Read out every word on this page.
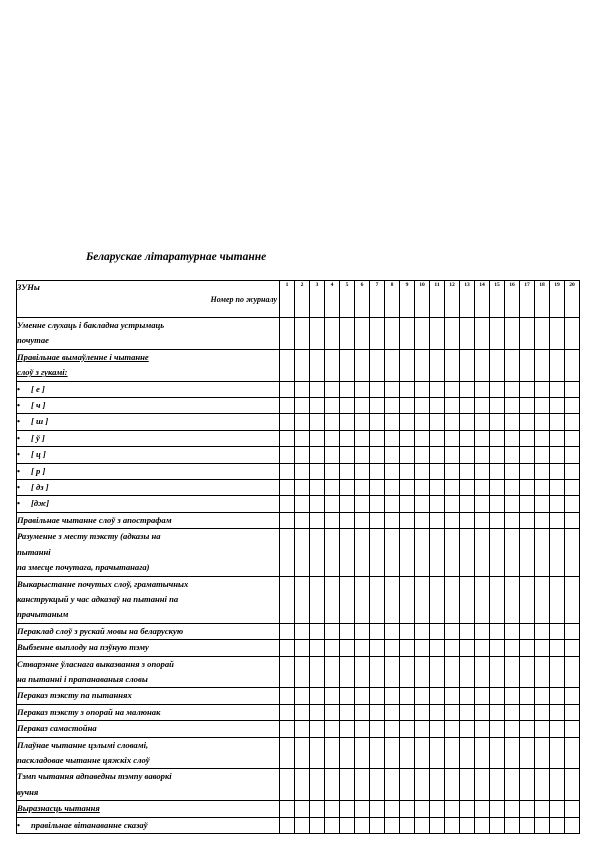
Беларускае літаратурнае чытанне
ЗУНы
Номер по журналу	1	2	3	4	5	6	7	8	9	10	11	12	13	14	15	16	17	18	19	20

Уменне слухаць і бакладна устрымаць
почутае																				

Правільнае вымаўленне і чытанне
слоў з гукамі:																				

• [ е ]																				
• [ ч ]																				
• [ ш ]																				
• [ ў ]																				
• [ ц ]																				
• [ р ]																				
• [ дз ]																				
• [дж]																				

Правільнае чытанне слоў з апострафам																				

Разуменне з месту тэксту (адказы на
пытанні
па змесце почутага, прачытанага)																				

Выкарыстанне почутых слоў, граматычных
канструкцый у час адказаў на пытанні па
прачытаным																				

Пераклад слоў з рускай мовы на беларускую																				

Выбзенне выплоду на пэўную тэму																				

Стварэнне ўласнага выказвання з опорай
на пытанні і прапанаваныя словы																				

Пераказ тэксту па пытаннях																				

Пераказ тэксту з опорай на малюнак																				

Пераказ самастойна																				

Плаўнае чытанне цэлымі словамі,
паскладовае чытанне цяжкіх слоў																				

Тэмп чытання адпаведны тэмпу ваворкі
вучня																				

Выразнасць чытання																				

• правільнае вітанаванне сказаў																				
